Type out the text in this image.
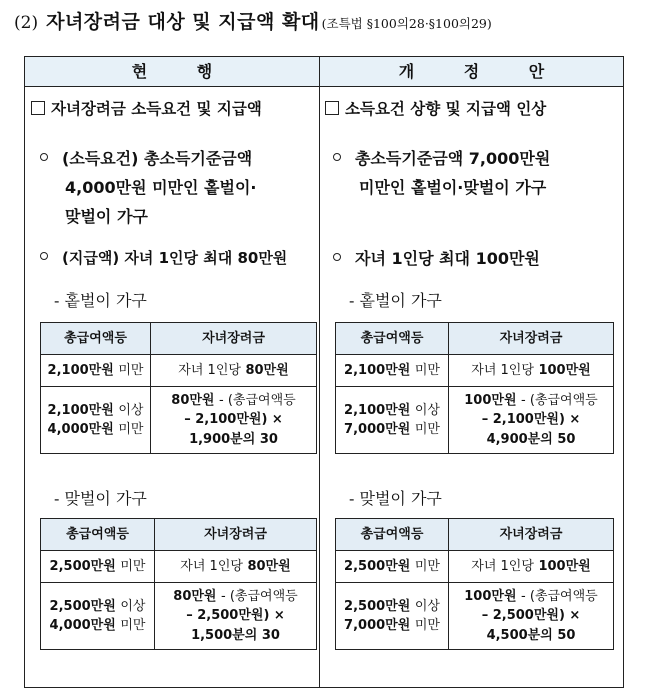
(2) 자녀장려금 대상 및 지급액 확대 (조특법 §100의28·§100의29)
현 행	개 정 안
자녀장려금 소득요건 및 지급액
(소득요건) 총소득기준금액
4,000만원 미만인 홑벌이·
맞벌이 가구
(지급액) 자녀 1인당 최대 80만원
- 홑벌이 가구
총급여액등	자녀장려금
2,100만원 미만	자녀 1인당 80만원
2,100만원 이상
4,000만원 미만	80만원 - (총급여액등
– 2,100만원) ×
1,900분의 30
- 맞벌이 가구
총급여액등	자녀장려금
2,500만원 미만	자녀 1인당 80만원
2,500만원 이상
4,000만원 미만	80만원 - (총급여액등
– 2,500만원) ×
1,500분의 30
소득요건 상향 및 지급액 인상
총소득기준금액 7,000만원
미만인 홑벌이·맞벌이 가구
자녀 1인당 최대 100만원
- 홑벌이 가구
총급여액등	자녀장려금
2,100만원 미만	자녀 1인당 100만원
2,100만원 이상
7,000만원 미만	100만원 - (총급여액등
– 2,100만원) ×
4,900분의 50
- 맞벌이 가구
총급여액등	자녀장려금
2,500만원 미만	자녀 1인당 100만원
2,500만원 이상
7,000만원 미만	100만원 - (총급여액등
– 2,500만원) ×
4,500분의 50
